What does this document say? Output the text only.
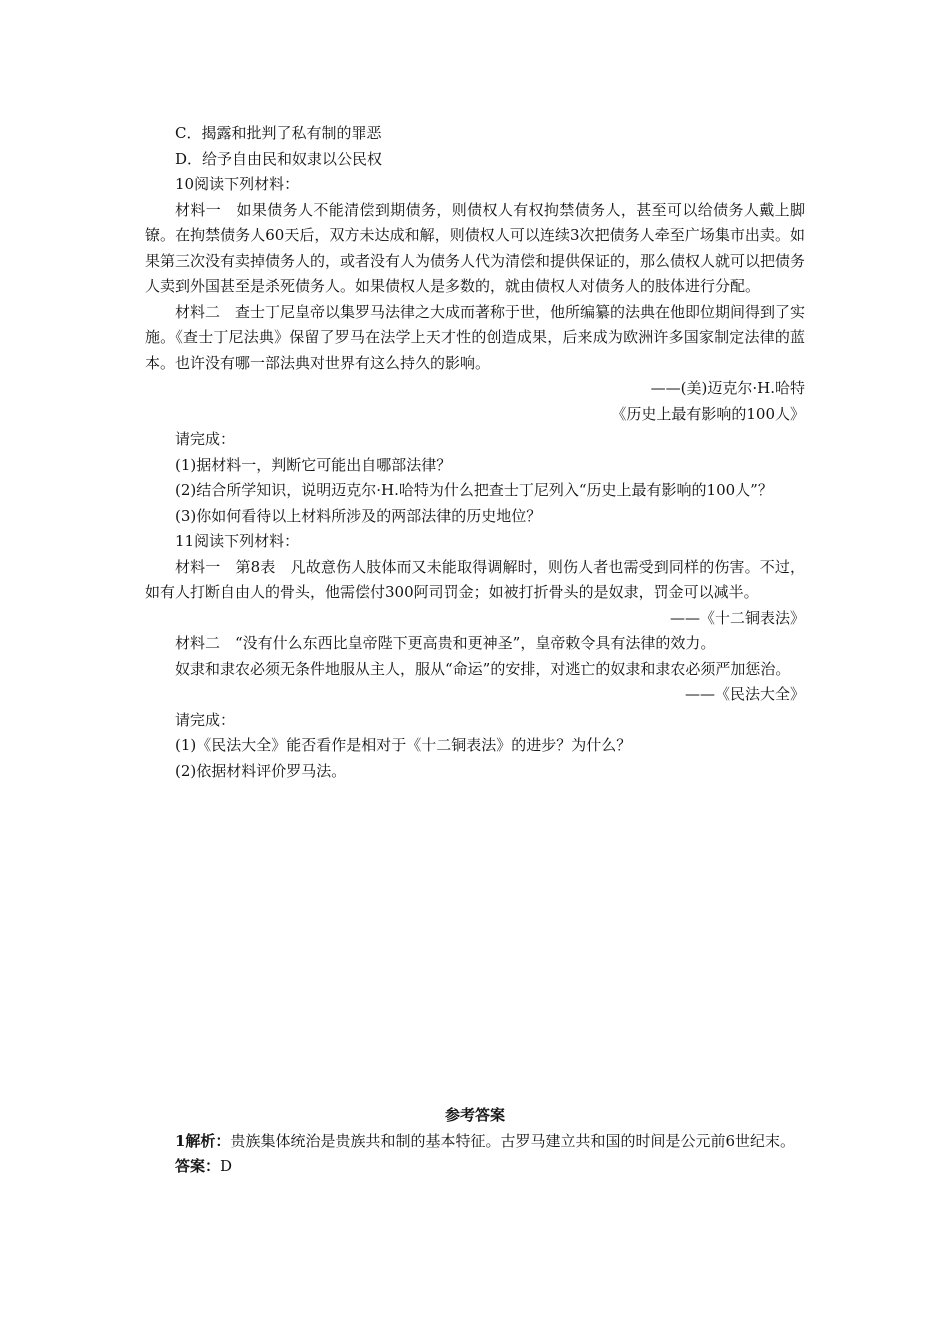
C．揭露和批判了私有制的罪恶

D．给予自由民和奴隶以公民权

10阅读下列材料：

材料一　如果债务人不能清偿到期债务，则债权人有权拘禁债务人，甚至可以给债务人戴上脚镣。在拘禁债务人60天后，双方未达成和解，则债权人可以连续3次把债务人牵至广场集市出卖。如果第三次没有卖掉债务人的，或者没有人为债务人代为清偿和提供保证的，那么债权人就可以把债务人卖到外国甚至是杀死债务人。如果债权人是多数的，就由债权人对债务人的肢体进行分配。

材料二　查士丁尼皇帝以集罗马法律之大成而著称于世，他所编纂的法典在他即位期间得到了实施。《查士丁尼法典》保留了罗马在法学上天才性的创造成果，后来成为欧洲许多国家制定法律的蓝本。也许没有哪一部法典对世界有这么持久的影响。

——(美)迈克尔·H.哈特

《历史上最有影响的100人》

请完成：

(1)据材料一，判断它可能出自哪部法律？

(2)结合所学知识，说明迈克尔·H.哈特为什么把查士丁尼列入“历史上最有影响的100人”？

(3)你如何看待以上材料所涉及的两部法律的历史地位？

11阅读下列材料：

材料一　第8表　凡故意伤人肢体而又未能取得调解时，则伤人者也需受到同样的伤害。不过，如有人打断自由人的骨头，他需偿付300阿司罚金；如被打折骨头的是奴隶，罚金可以减半。

——《十二铜表法》

材料二　“没有什么东西比皇帝陛下更高贵和更神圣”，皇帝敕令具有法律的效力。

奴隶和隶农必须无条件地服从主人，服从“命运”的安排，对逃亡的奴隶和隶农必须严加惩治。

——《民法大全》

请完成：

(1)《民法大全》能否看作是相对于《十二铜表法》的进步？为什么？

(2)依据材料评价罗马法。

参考答案

1解析：贵族集体统治是贵族共和制的基本特征。古罗马建立共和国的时间是公元前6世纪末。

答案：D
